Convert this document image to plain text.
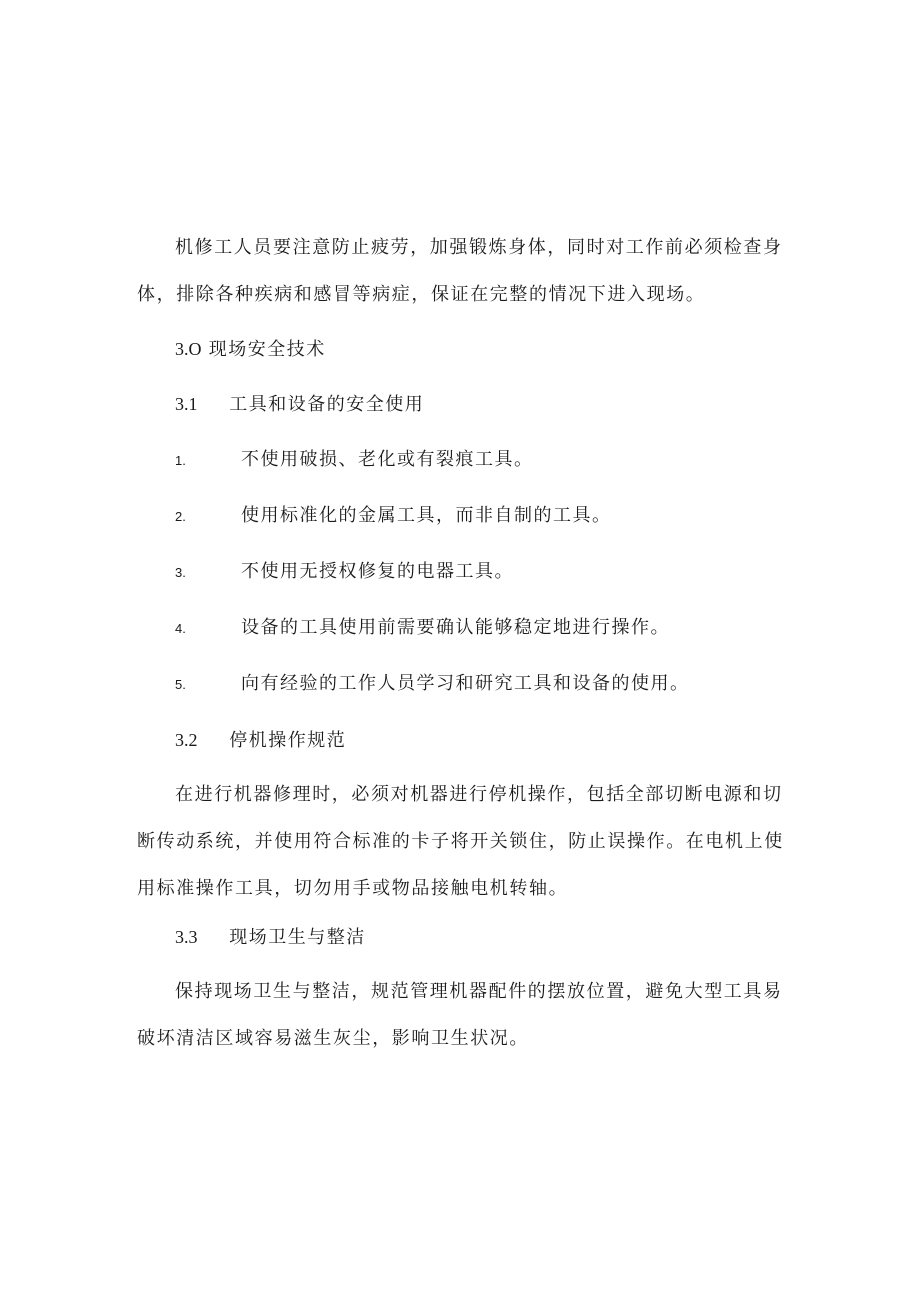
机修工人员要注意防止疲劳，加强锻炼身体，同时对工作前必须检查身体，排除各种疾病和感冒等病症，保证在完整的情况下进入现场。

3.O 现场安全技术
3.1 工具和设备的安全使用
1.	不使用破损、老化或有裂痕工具。
2.	使用标准化的金属工具，而非自制的工具。
3.	不使用无授权修复的电器工具。
4.	设备的工具使用前需要确认能够稳定地进行操作。
5.	向有经验的工作人员学习和研究工具和设备的使用。
3.2 停机操作规范

在进行机器修理时，必须对机器进行停机操作，包括全部切断电源和切断传动系统，并使用符合标准的卡子将开关锁住，防止误操作。在电机上使用标准操作工具，切勿用手或物品接触电机转轴。

3.3 现场卫生与整洁

保持现场卫生与整洁，规范管理机器配件的摆放位置，避免大型工具易破坏清洁区域容易滋生灰尘，影响卫生状况。
